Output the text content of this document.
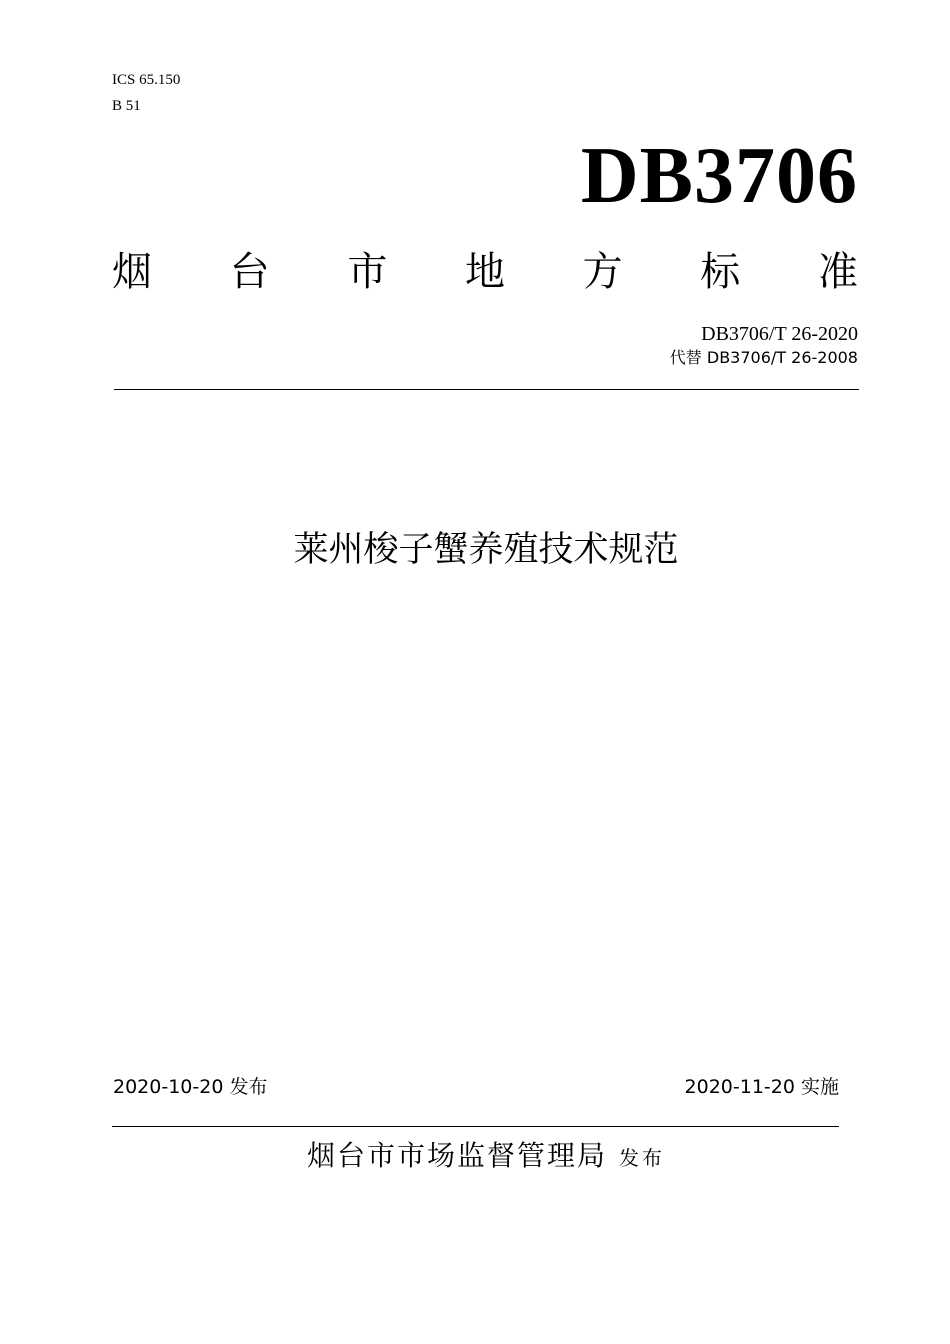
ICS 65.150
B 51
DB3706
烟 台 市 地 方 标 准
DB3706/T 26-2020
代替 DB3706/T 26-2008
莱州梭子蟹养殖技术规范
2020-10-20 发布	2020-11-20 实施
烟台市市场监督管理局 发布
